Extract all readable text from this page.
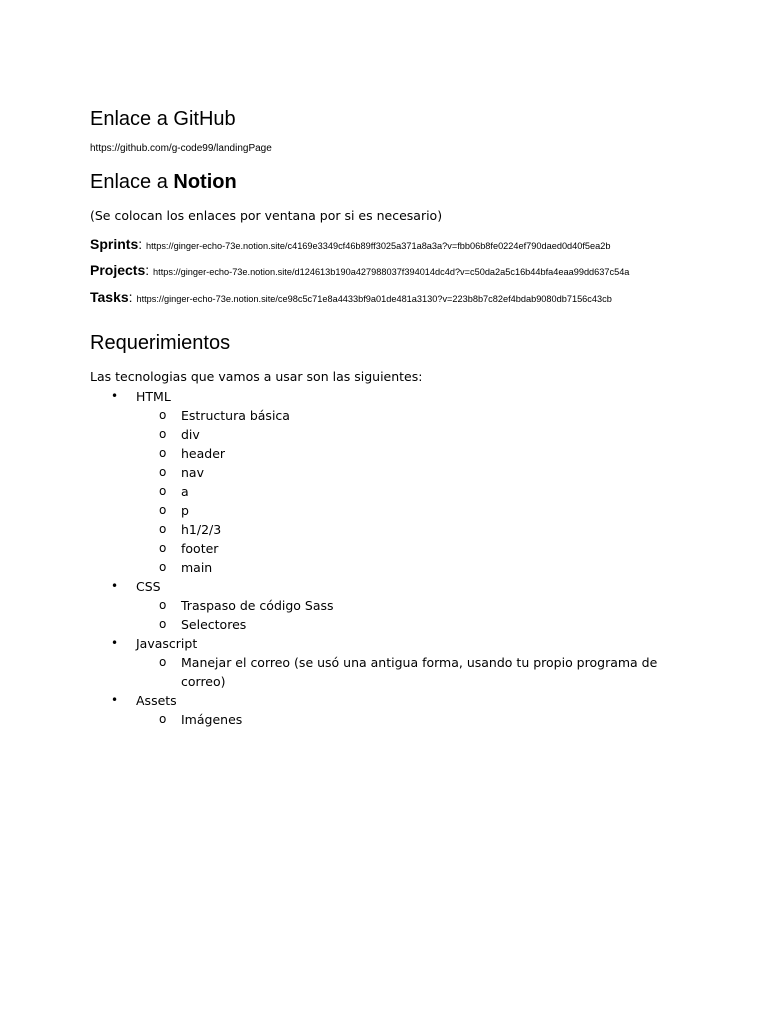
Enlace a GitHub
https://github.com/g-code99/landingPage
Enlace a Notion
(Se colocan los enlaces por ventana por si es necesario)
Sprints: https://ginger-echo-73e.notion.site/c4169e3349cf46b89ff3025a371a8a3a?v=fbb06b8fe0224ef790daed0d40f5ea2b
Projects: https://ginger-echo-73e.notion.site/d124613b190a427988037f394014dc4d?v=c50da2a5c16b44bfa4eaa99dd637c54a
Tasks: https://ginger-echo-73e.notion.site/ce98c5c71e8a4433bf9a01de481a3130?v=223b8b7c82ef4bdab9080db7156c43cb
Requerimientos
Las tecnologias que vamos a usar son las siguientes:
• HTML
o Estructura básica
o div
o header
o nav
o a
o p
o h1/2/3
o footer
o main
• CSS
o Traspaso de código Sass
o Selectores
• Javascript
o Manejar el correo (se usó una antigua forma, usando tu propio programa de correo)
• Assets
o Imágenes
